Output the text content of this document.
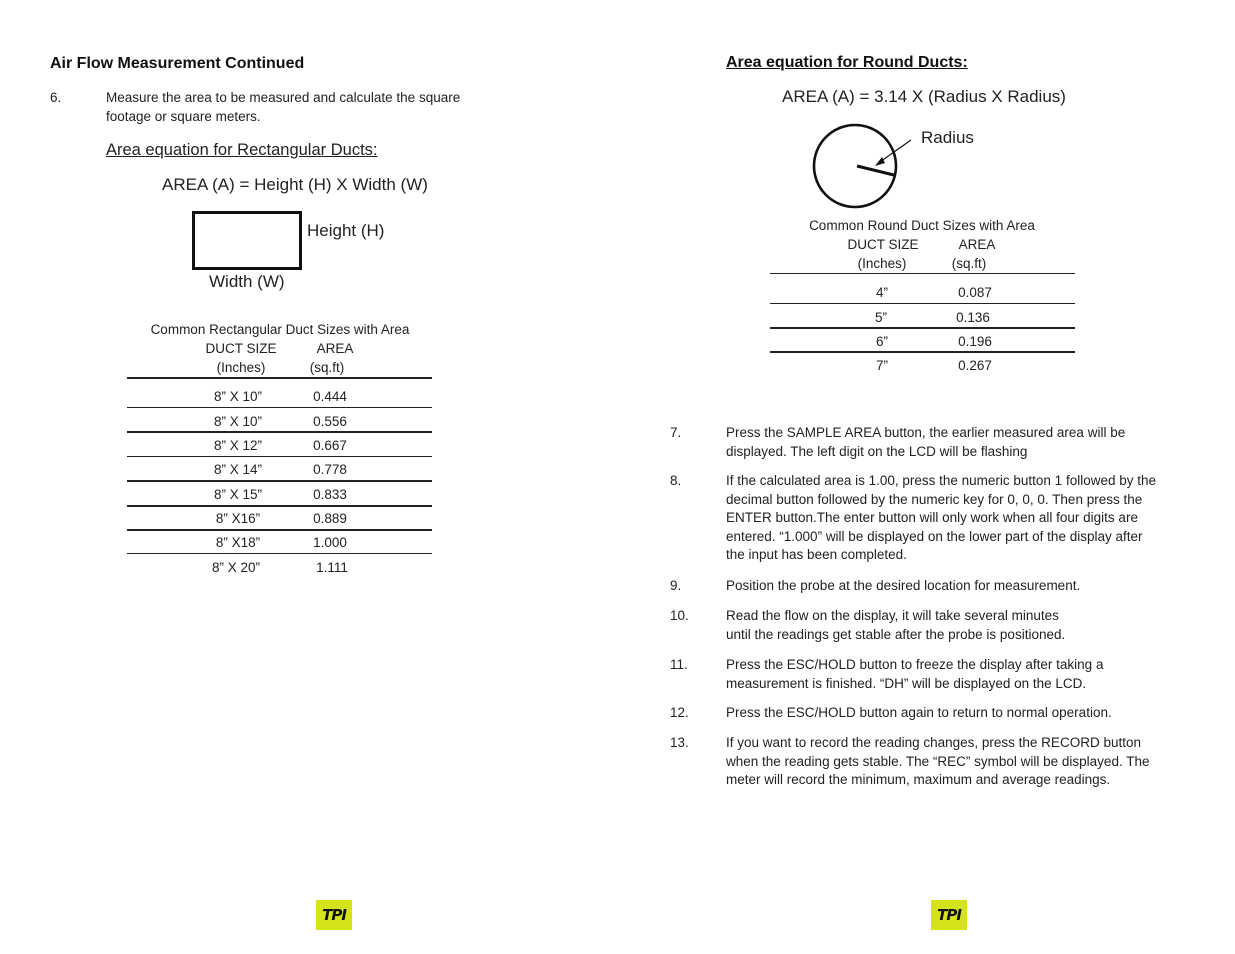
Air Flow Measurement Continued
6.	Measure the area to be measured and calculate the square
footage or square meters.
Area equation for Rectangular Ducts:
AREA (A) = Height (H) X Width (W)
Height (H)
Width (W)
Common Rectangular Duct Sizes with Area
DUCT SIZE	AREA
(Inches)	(sq.ft)
8” X 10”	0.444
8” X 10”	0.556
8” X 12”	0.667
8” X 14”	0.778
8” X 15”	0.833
8” X16”	0.889
8” X18”	1.000
8” X 20”	1.111
Area equation for Round Ducts:
AREA (A) = 3.14 X (Radius X Radius)
Radius
Common Round Duct Sizes with Area
DUCT SIZE	AREA
(Inches)	(sq.ft)
4”	0.087
5”	0.136
6”	0.196
7”	0.267
7.	Press the SAMPLE AREA button, the earlier measured area will be
displayed. The left digit on the LCD will be flashing
8.	If the calculated area is 1.00, press the numeric button 1 followed by the
decimal button followed by the numeric key for 0, 0, 0. Then press the
ENTER button.The enter button will only work when all four digits are
entered. “1.000” will be displayed on the lower part of the display after
the input has been completed.
9.	Position the probe at the desired location for measurement.
10.	Read the flow on the display, it will take several minutes
until the readings get stable after the probe is positioned.
11.	Press the ESC/HOLD button to freeze the display after taking a
measurement is finished. “DH” will be displayed on the LCD.
12.	Press the ESC/HOLD button again to return to normal operation.
13.	If you want to record the reading changes, press the RECORD button
when the reading gets stable. The “REC” symbol will be displayed. The
meter will record the minimum, maximum and average readings.
TPI	TPI
